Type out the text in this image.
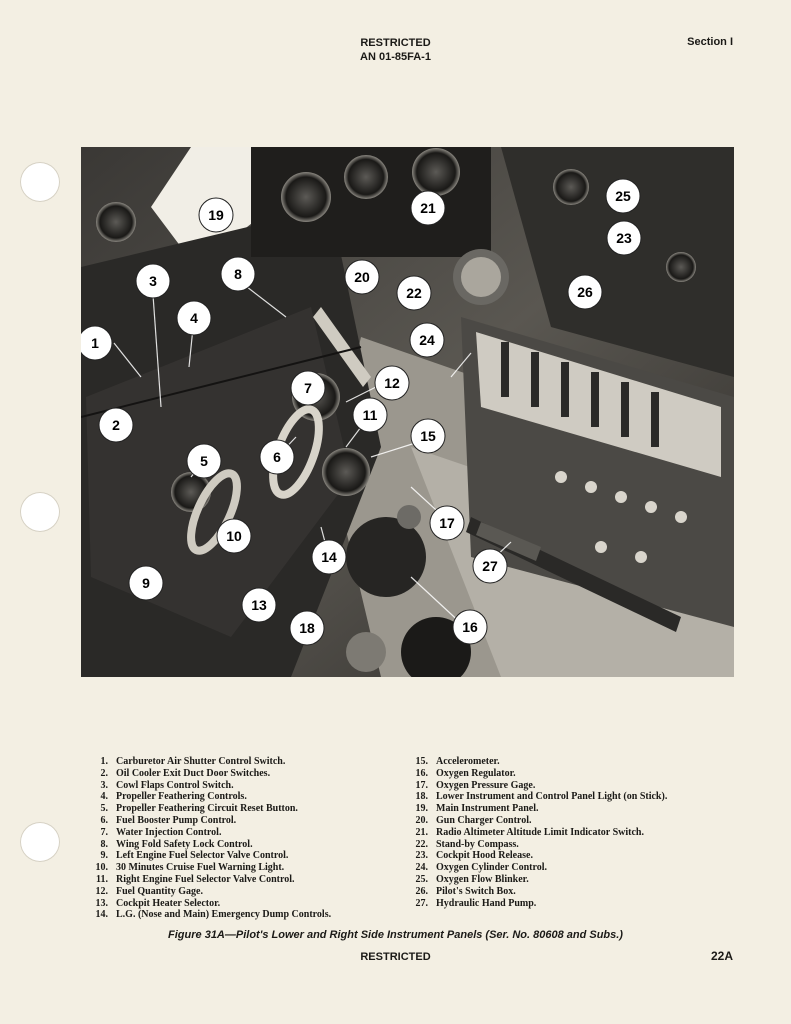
RESTRICTED
AN 01-85FA-1
Section I
1
2
3
4
5	6
7
8
9
10
11
12
13
14
15
16
17
18
19
20
21
22
23
24
25
26
27
1. Carburetor Air Shutter Control Switch.
2. Oil Cooler Exit Duct Door Switches.
3. Cowl Flaps Control Switch.
4. Propeller Feathering Controls.
5. Propeller Feathering Circuit Reset Button.
6. Fuel Booster Pump Control.
7. Water Injection Control.
8. Wing Fold Safety Lock Control.
9. Left Engine Fuel Selector Valve Control.
10. 30 Minutes Cruise Fuel Warning Light.
11. Right Engine Fuel Selector Valve Control.
12. Fuel Quantity Gage.
13. Cockpit Heater Selector.
14. L.G. (Nose and Main) Emergency Dump Controls.
15. Accelerometer.
16. Oxygen Regulator.
17. Oxygen Pressure Gage.
18. Lower Instrument and Control Panel Light (on Stick).
19. Main Instrument Panel.
20. Gun Charger Control.
21. Radio Altimeter Altitude Limit Indicator Switch.
22. Stand-by Compass.
23. Cockpit Hood Release.
24. Oxygen Cylinder Control.
25. Oxygen Flow Blinker.
26. Pilot's Switch Box.
27. Hydraulic Hand Pump.
Figure 31A—Pilot's Lower and Right Side Instrument Panels (Ser. No. 80608 and Subs.)
RESTRICTED	22A
